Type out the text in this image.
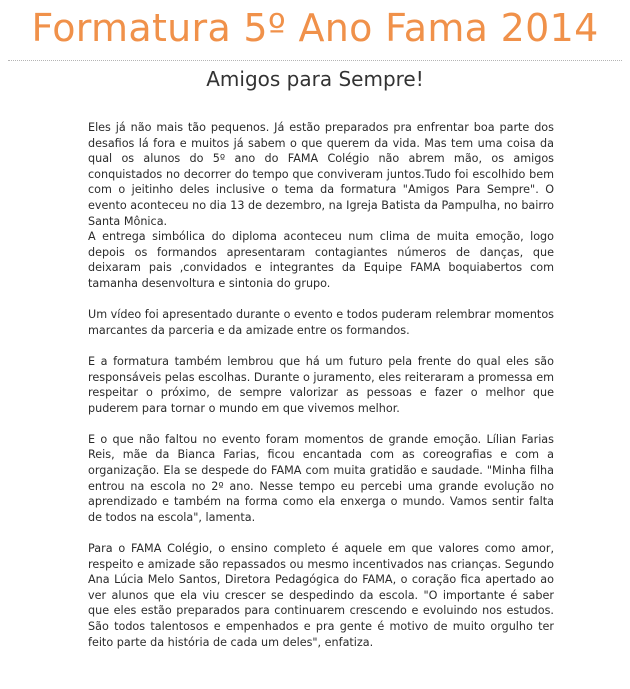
Formatura 5º Ano Fama 2014
Amigos para Sempre!

Eles já não mais tão pequenos. Já estão preparados pra enfrentar boa parte dos desafios lá fora e muitos já sabem o que querem da vida. Mas tem uma coisa da qual os alunos do 5º ano do FAMA Colégio não abrem mão, os amigos conquistados no decorrer do tempo que conviveram juntos.Tudo foi escolhido bem com o jeitinho deles inclusive o tema da formatura "Amigos Para Sempre". O evento aconteceu no dia 13 de dezembro, na Igreja Batista da Pampulha, no bairro Santa Mônica.

A entrega simbólica do diploma aconteceu num clima de muita emoção, logo depois os formandos apresentaram contagiantes números de danças, que deixaram pais ,convidados e integrantes da Equipe FAMA boquiabertos com tamanha desenvoltura e sintonia do grupo.

Um vídeo foi apresentado durante o evento e todos puderam relembrar momentos marcantes da parceria e da amizade entre os formandos.

E a formatura também lembrou que há um futuro pela frente do qual eles são responsáveis pelas escolhas. Durante o juramento, eles reiteraram a promessa em respeitar o próximo, de sempre valorizar as pessoas e fazer o melhor que puderem para tornar o mundo em que vivemos melhor.

E o que não faltou no evento foram momentos de grande emoção. Lílian Farias Reis, mãe da Bianca Farias, ficou encantada com as coreografias e com a organização. Ela se despede do FAMA com muita gratidão e saudade. "Minha filha entrou na escola no 2º ano. Nesse tempo eu percebi uma grande evolução no aprendizado e também na forma como ela enxerga o mundo. Vamos sentir falta de todos na escola", lamenta.

Para o FAMA Colégio, o ensino completo é aquele em que valores como amor, respeito e amizade são repassados ou mesmo incentivados nas crianças. Segundo Ana Lúcia Melo Santos, Diretora Pedagógica do FAMA, o coração fica apertado ao ver alunos que ela viu crescer se despedindo da escola. "O importante é saber que eles estão preparados para continuarem crescendo e evoluindo nos estudos. São todos talentosos e empenhados e pra gente é motivo de muito orgulho ter feito parte da história de cada um deles", enfatiza.
